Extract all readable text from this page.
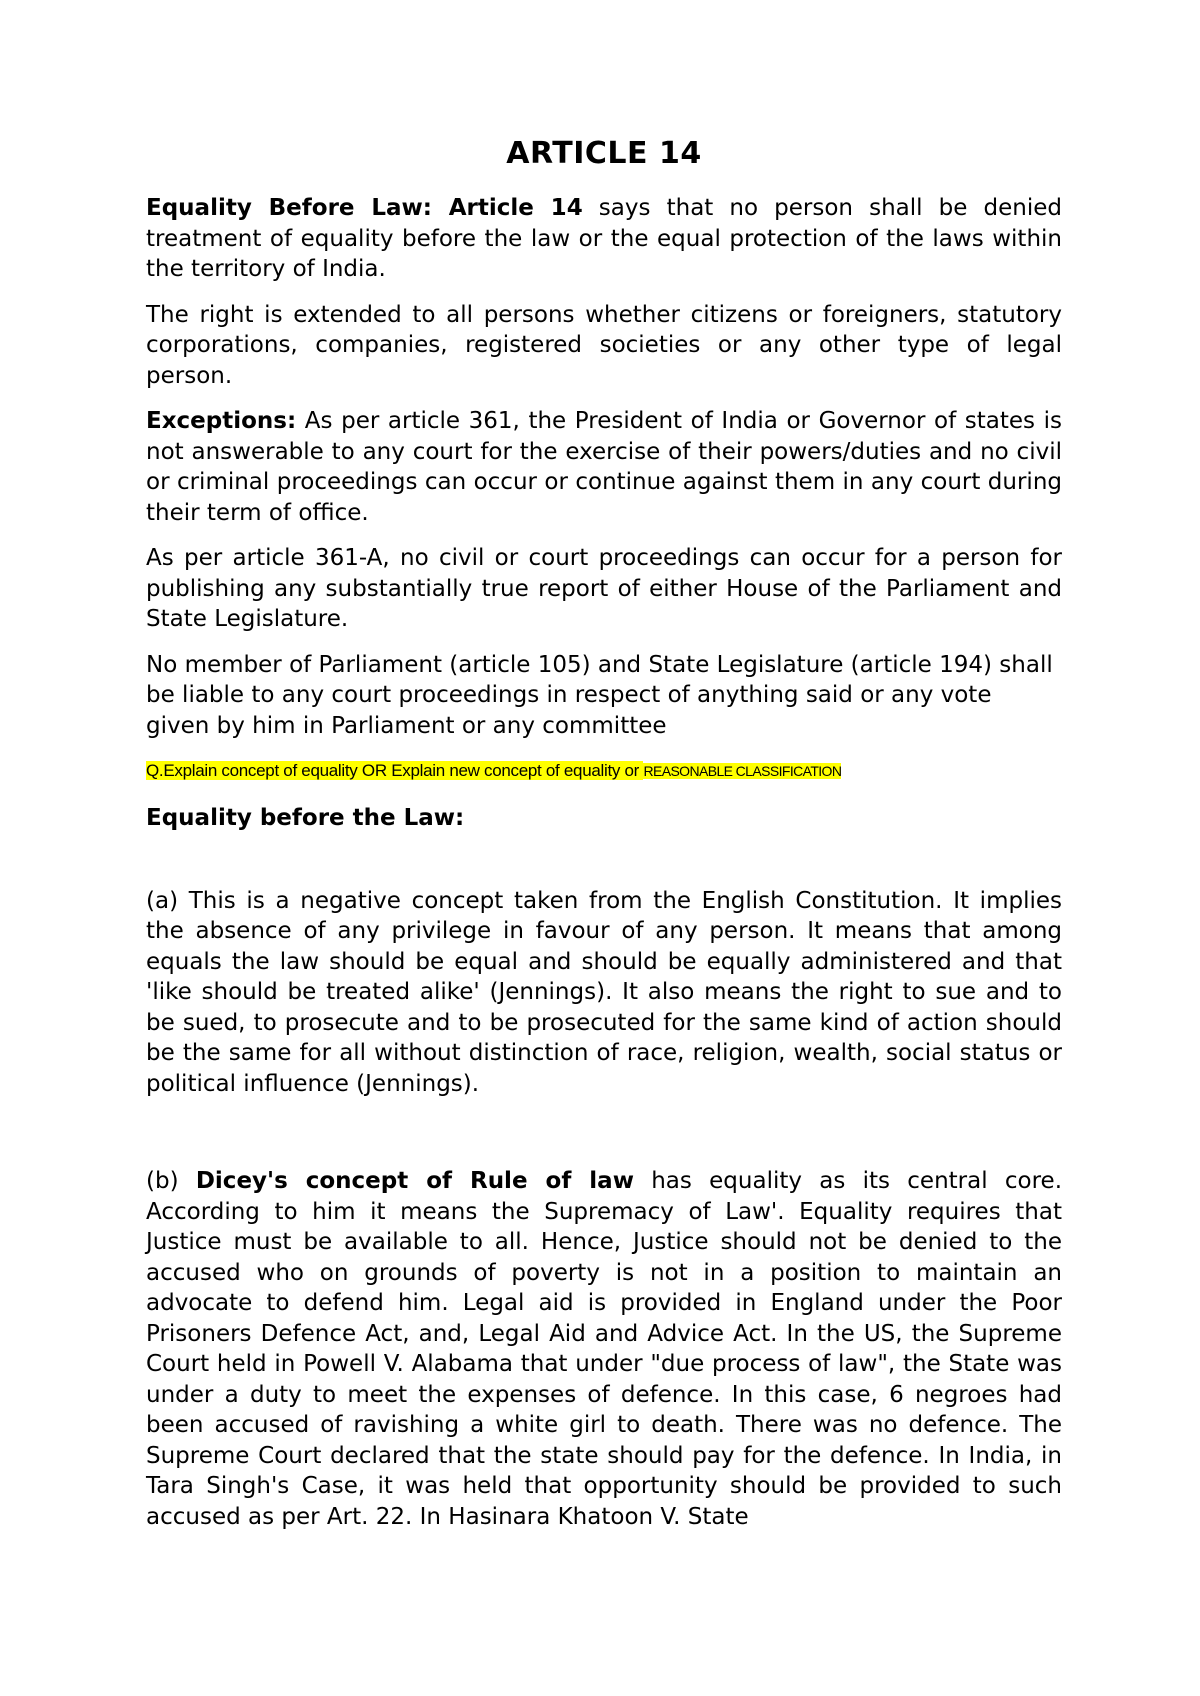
ARTICLE 14

Equality Before Law: Article 14 says that no person shall be denied treatment of equality before the law or the equal protection of the laws within the territory of India.

The right is extended to all persons whether citizens or foreigners, statutory corporations, companies, registered societies or any other type of legal person.

Exceptions: As per article 361, the President of India or Governor of states is not answerable to any court for the exercise of their powers/duties and no civil or criminal proceedings can occur or continue against them in any court during their term of office.

As per article 361-A, no civil or court proceedings can occur for a person for publishing any substantially true report of either House of the Parliament and State Legislature.

No member of Parliament (article 105) and State Legislature (article 194) shall be liable to any court proceedings in respect of anything said or any vote given by him in Parliament or any committee

Q.Explain concept of equality OR Explain new concept of equality or REASONABLE CLASSIFICATION

Equality before the Law:

(a) This is a negative concept taken from the English Constitution. It implies the absence of any privilege in favour of any person. It means that among equals the law should be equal and should be equally administered and that 'like should be treated alike' (Jennings). It also means the right to sue and to be sued, to prosecute and to be prosecuted for the same kind of action should be the same for all without distinction of race, religion, wealth, social status or political influence (Jennings).

(b) Dicey's concept of Rule of law has equality as its central core. According to him it means the Supremacy of Law'. Equality requires that Justice must be available to all. Hence, Justice should not be denied to the accused who on grounds of poverty is not in a position to maintain an advocate to defend him. Legal aid is provided in England under the Poor Prisoners Defence Act, and, Legal Aid and Advice Act. In the US, the Supreme Court held in Powell V. Alabama that under "due process of law", the State was under a duty to meet the expenses of defence. In this case, 6 negroes had been accused of ravishing a white girl to death. There was no defence. The Supreme Court declared that the state should pay for the defence. In India, in Tara Singh's Case, it was held that opportunity should be provided to such accused as per Art. 22. In Hasinara Khatoon V. State
